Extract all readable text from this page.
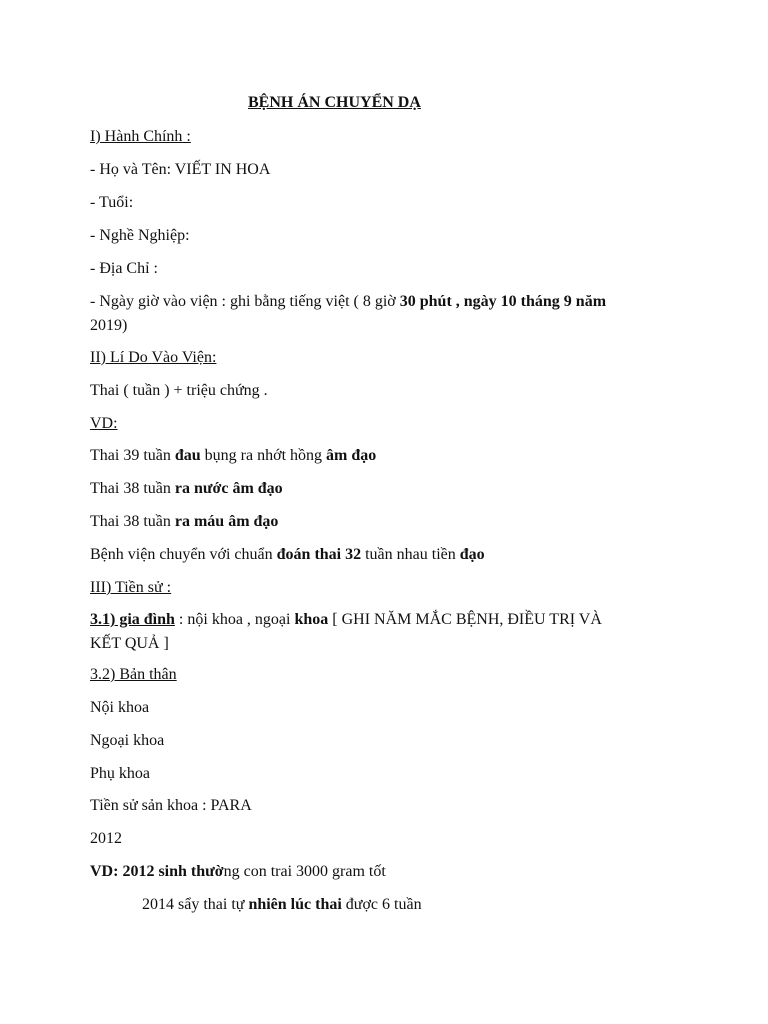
BỆNH ÁN CHUYỂN DẠ
I) Hành Chính :
- Họ và Tên: VIẾT IN HOA
- Tuổi:
- Nghề Nghiệp:
- Địa Chỉ :
- Ngày giờ vào viện : ghi bằng tiếng việt ( 8 giờ 30 phút , ngày 10 tháng 9 năm
2019)
II) Lí Do Vào Viện:
Thai ( tuần ) + triệu chứng .
VD:
Thai 39 tuần đau bụng ra nhớt hồng âm đạo
Thai 38 tuần ra nước âm đạo
Thai 38 tuần ra máu âm đạo
Bệnh viện chuyển với chuẩn đoán thai 32 tuần nhau tiền đạo
III) Tiền sử :
3.1) gia đình : nội khoa , ngoại khoa [ GHI NĂM MẮC BỆNH, ĐIỀU TRỊ VÀ
KẾT QUẢ ]
3.2) Bản thân
Nội khoa
Ngoại khoa
Phụ khoa
Tiền sử sản khoa : PARA
2012
VD: 2012 sinh thường con trai 3000 gram tốt
2014 sẩy thai tự nhiên lúc thai được 6 tuần
